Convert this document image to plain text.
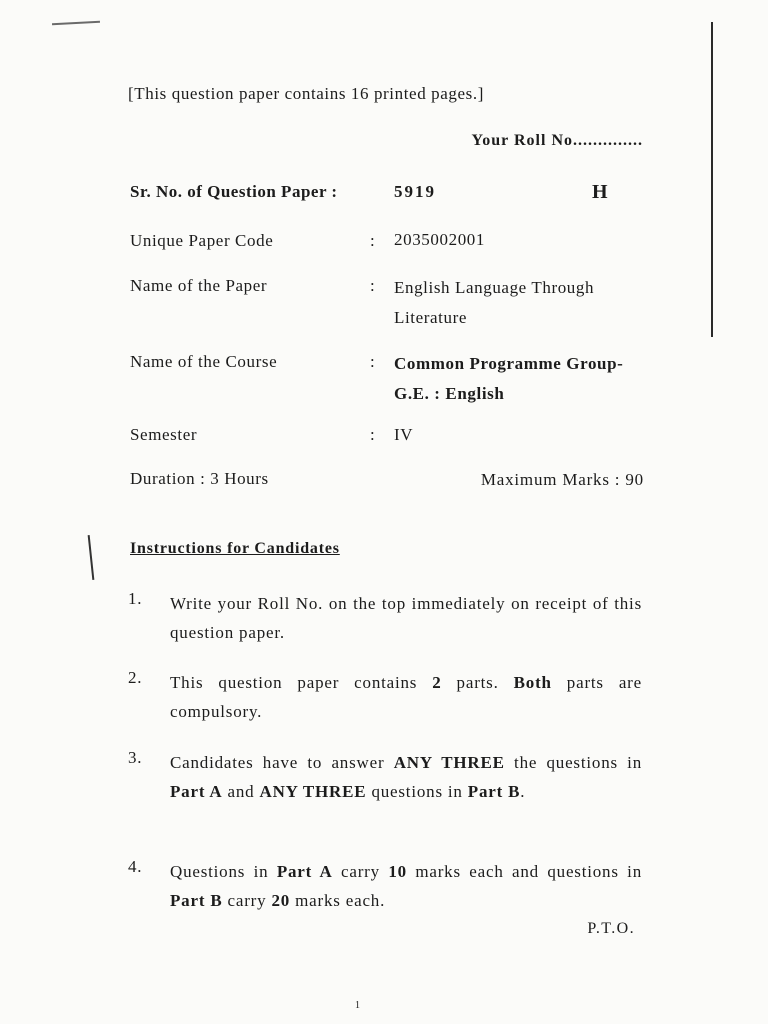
[This question paper contains 16 printed pages.]
Your Roll No..............
Sr. No. of Question Paper :	5919	H
Unique Paper Code	: 2035002001
Name of the Paper	: English Language Through Literature
Name of the Course	: Common Programme Group- G.E. : English
Semester	: IV
Duration : 3 Hours	Maximum Marks : 90
Instructions for Candidates
1. Write your Roll No. on the top immediately on receipt of this question paper.
2. This question paper contains 2 parts. Both parts are compulsory.
3. Candidates have to answer ANY THREE the questions in Part A and ANY THREE questions in Part B.
4. Questions in Part A carry 10 marks each and questions in Part B carry 20 marks each.
P.T.O.
1
